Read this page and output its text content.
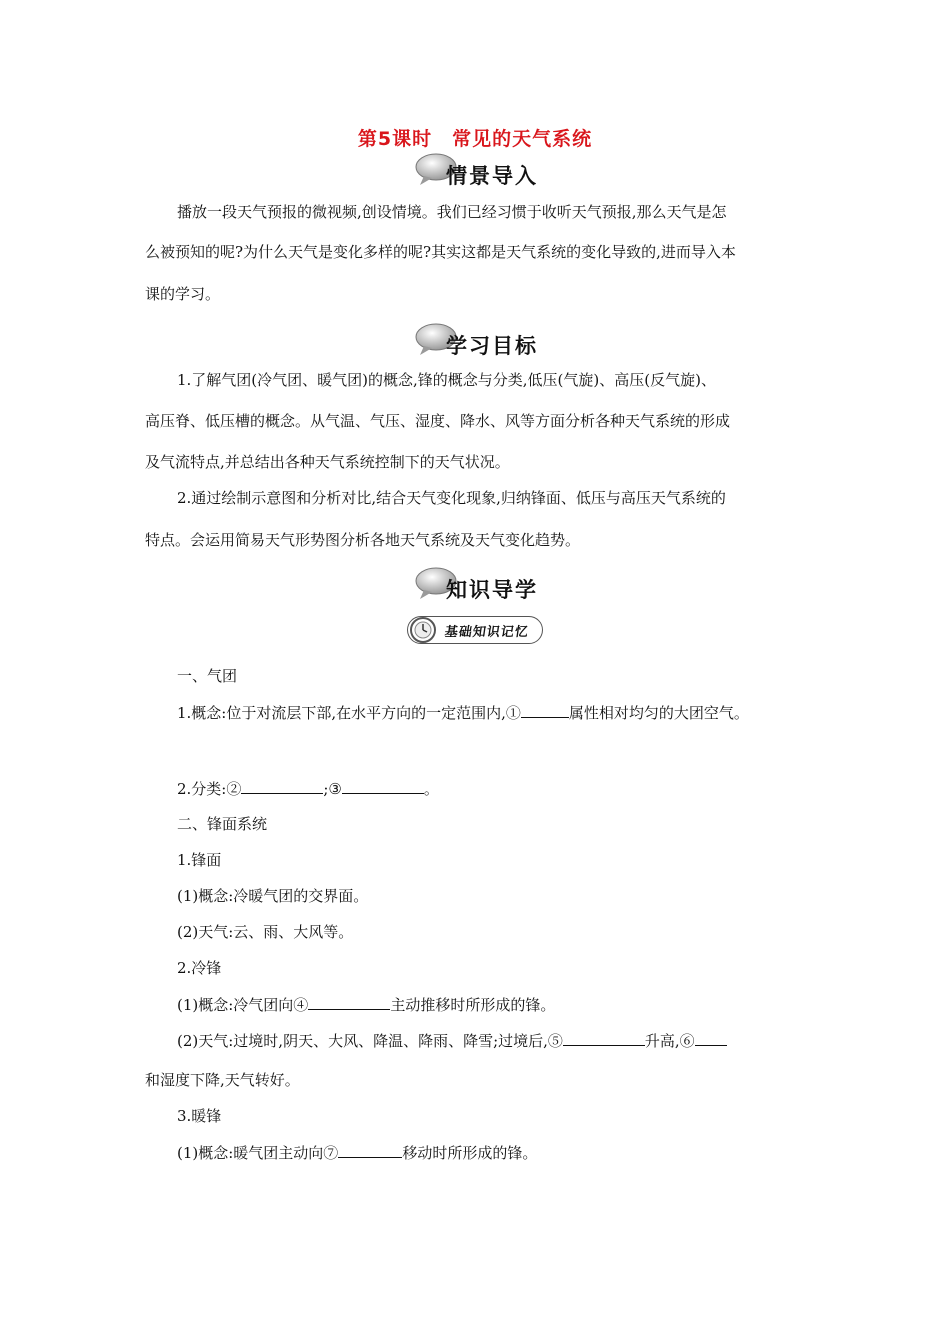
第5课时　常见的天气系统
情景导入
播放一段天气预报的微视频,创设情境。我们已经习惯于收听天气预报,那么天气是怎
么被预知的呢?为什么天气是变化多样的呢?其实这都是天气系统的变化导致的,进而导入本
课的学习。
学习目标
1.了解气团(冷气团、暖气团)的概念,锋的概念与分类,低压(气旋)、高压(反气旋)、
高压脊、低压槽的概念。从气温、气压、湿度、降水、风等方面分析各种天气系统的形成
及气流特点,并总结出各种天气系统控制下的天气状况。
2.通过绘制示意图和分析对比,结合天气变化现象,归纳锋面、低压与高压天气系统的
特点。会运用简易天气形势图分析各地天气系统及天气变化趋势。
知识导学
基础知识记忆
一、气团
1.概念:位于对流层下部,在水平方向的一定范围内,①	属性相对均匀的大团空气。
2.分类:②	;③	。
二、锋面系统
1.锋面
(1)概念:冷暖气团的交界面。
(2)天气:云、雨、大风等。
2.冷锋
(1)概念:冷气团向④	主动推移时所形成的锋。
(2)天气:过境时,阴天、大风、降温、降雨、降雪;过境后,⑤	升高,⑥
和湿度下降,天气转好。
3.暖锋
(1)概念:暖气团主动向⑦	移动时所形成的锋。
